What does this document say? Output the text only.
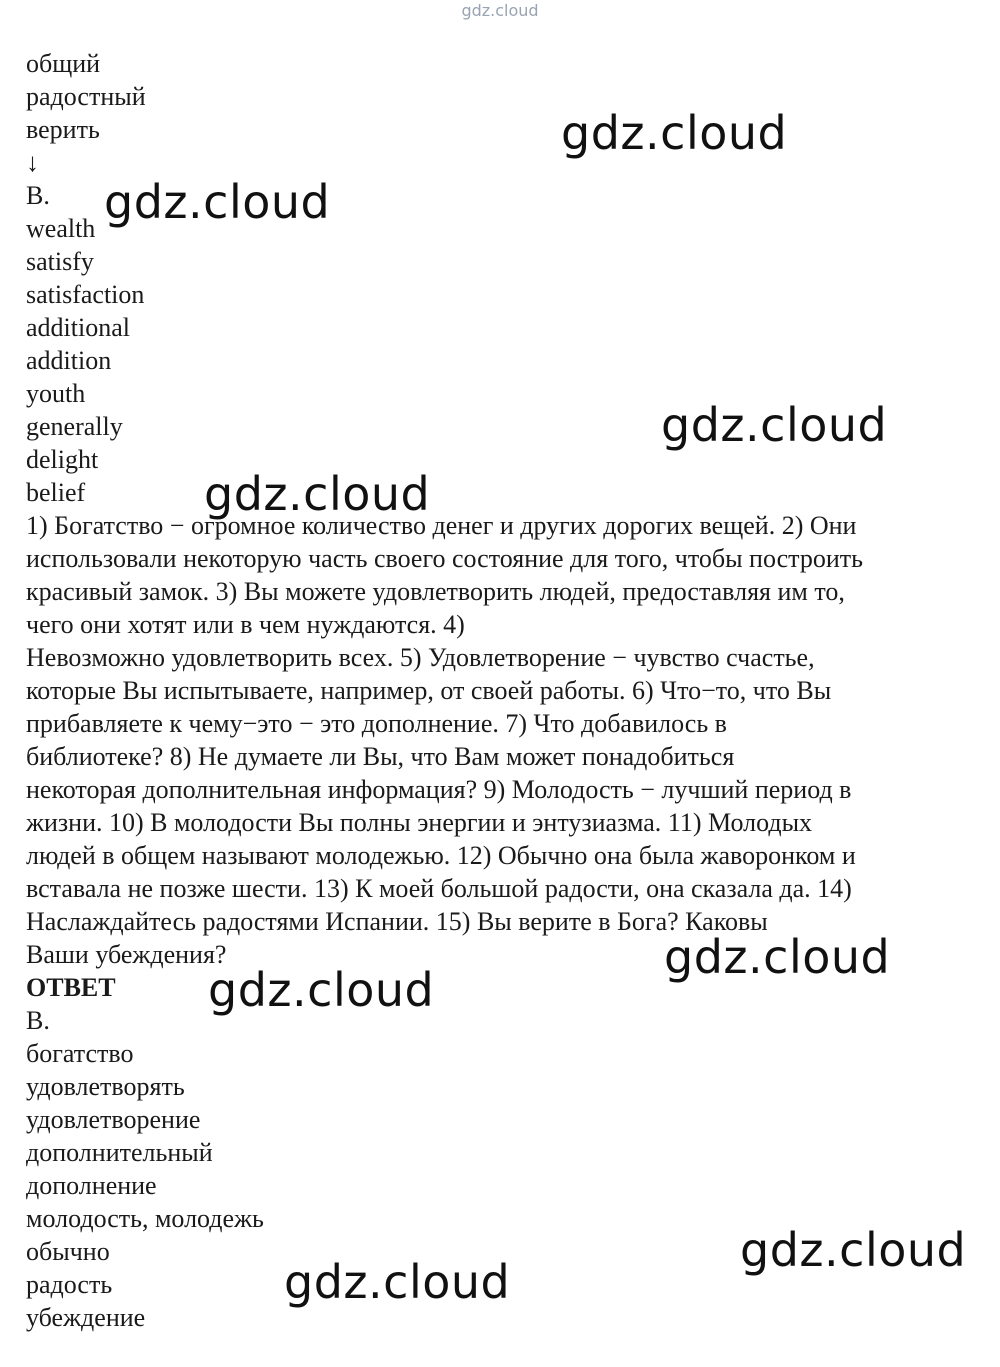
gdz.cloud
общий
радостный
верить
↓
B.
wealth
satisfy
satisfaction
additional
addition
youth
generally
delight
belief
1) Богатство − огромное количество денег и других дорогих вещей. 2) Они
использовали некоторую часть своего состояние для того, чтобы построить
красивый замок. 3) Вы можете удовлетворить людей, предоставляя им то,
чего они хотят или в чем нуждаются. 4)
Невозможно удовлетворить всех. 5) Удовлетворение − чувство счастье,
которые Вы испытываете, например, от своей работы. 6) Что−то, что Вы
прибавляете к чему−это − это дополнение. 7) Что добавилось в
библиотеке? 8) Не думаете ли Вы, что Вам может понадобиться
некоторая дополнительная информация? 9) Молодость − лучший период в
жизни. 10) В молодости Вы полны энергии и энтузиазма. 11) Молодых
людей в общем называют молодежью. 12) Обычно она была жаворонком и
вставала не позже шести. 13) К моей большой радости, она сказала да. 14)
Наслаждайтесь радостями Испании. 15) Вы верите в Бога? Каковы
Ваши убеждения?
ОТВЕТ
B.
богатство
удовлетворять
удовлетворение
дополнительный
дополнение
молодость, молодежь
обычно
радость
убеждение
gdz.cloud
gdz.cloud
gdz.cloud
gdz.cloud
gdz.cloud
gdz.cloud
gdz.cloud
gdz.cloud
